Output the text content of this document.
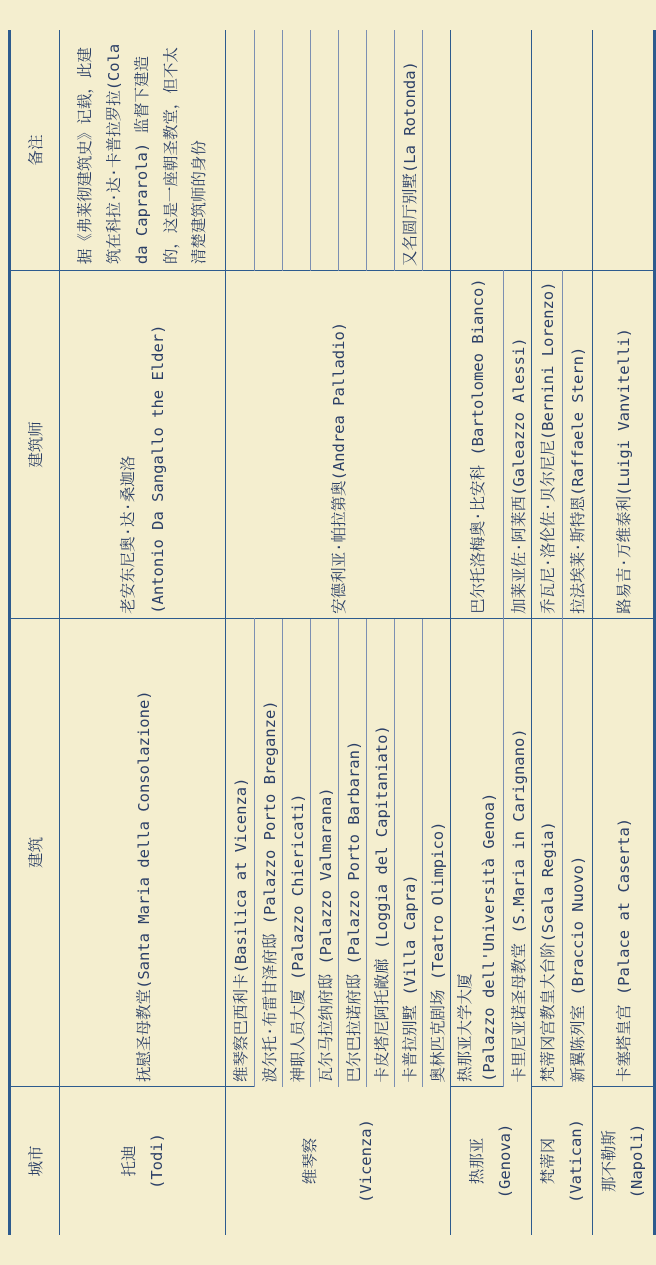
城市	建筑	建筑师	备注
托迪 (Todi)	抚慰圣母教堂(Santa Maria della Consolazione)	老安东尼奥·达·桑迦洛 (Antonio Da Sangallo the Elder)	据《弗莱彻建筑史》记载，此建筑在科拉·达·卡普拉罗拉(Cola da Caprarola) 监督下建造的，这是一座朝圣教堂，但不太清楚建筑师的身份
维琴察 (Vicenza)	维琴察巴西利卡(Basilica at Vicenza)	安德利亚·帕拉第奥(Andrea Palladio)	
	波尔托·布雷甘泽府邸 (Palazzo Porto Breganze)		
	神职人员大厦 (Palazzo Chiericati)		
	瓦尔马拉纳府邸 (Palazzo Valmarana)		
	巴尔巴拉诺府邸 (Palazzo Porto Barbaran)		
	卡皮塔尼阿托敞廊 (Loggia del Capitaniato)		
	卡普拉别墅 (Villa Capra)		又名圆厅别墅(La Rotonda)
	奥林匹克剧场 (Teatro Olimpico)		
热那亚 (Genova)	热那亚大学大厦 (Palazzo dell'Università Genoa)	巴尔托洛梅奥·比安科 (Bartolomeo Bianco)	
	卡里尼亚诺圣母教堂 (S.Maria in Carignano)	加莱亚佐·阿莱西(Galeazzo Alessi)	
梵蒂冈 (Vatican)	梵蒂冈宫教皇大台阶(Scala Regia)	乔瓦尼·洛伦佐·贝尔尼尼(Bernini Lorenzo)	
	新翼陈列室 (Braccio Nuovo)	拉法埃莱·斯特恩(Raffaele Stern)	
那不勒斯 (Napoli)	卡塞塔皇宫 (Palace at Caserta)	路易吉·万维泰利(Luigi Vanvitelli)	
